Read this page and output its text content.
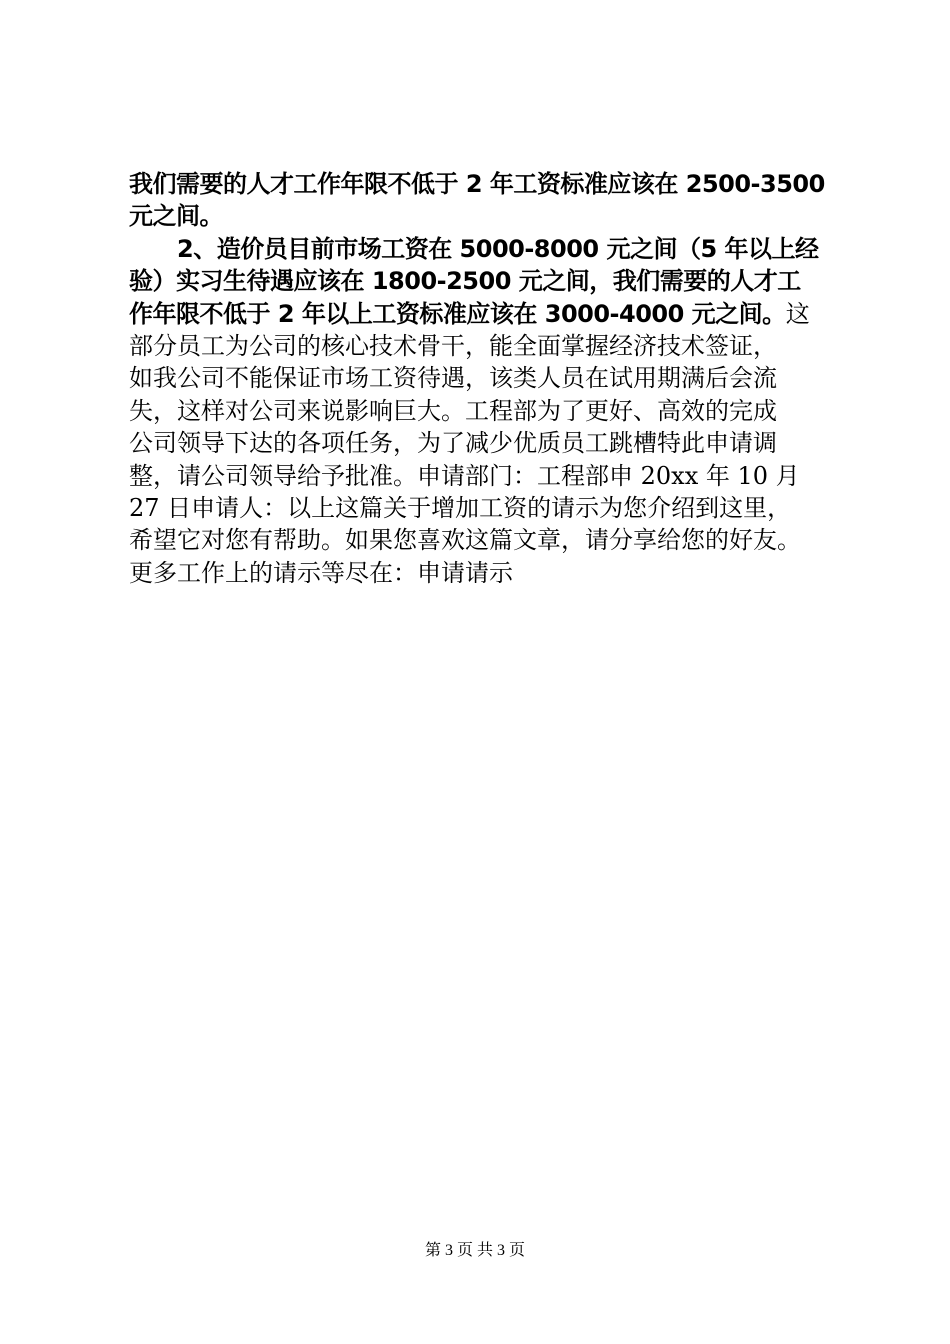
我们需要的人才工作年限不低于 2 年工资标准应该在 2500-3500
元之间。
2、造价员目前市场工资在 5000-8000 元之间（5 年以上经
验）实习生待遇应该在 1800-2500 元之间，我们需要的人才工
作年限不低于 2 年以上工资标准应该在 3000-4000 元之间。这
部分员工为公司的核心技术骨干，能全面掌握经济技术签证，
如我公司不能保证市场工资待遇，该类人员在试用期满后会流
失，这样对公司来说影响巨大。工程部为了更好、高效的完成
公司领导下达的各项任务，为了减少优质员工跳槽特此申请调
整，请公司领导给予批准。申请部门：工程部申 20xx 年 10 月
27 日申请人：以上这篇关于增加工资的请示为您介绍到这里，
希望它对您有帮助。如果您喜欢这篇文章，请分享给您的好友。
更多工作上的请示等尽在：申请请示
第 3 页 共 3 页
